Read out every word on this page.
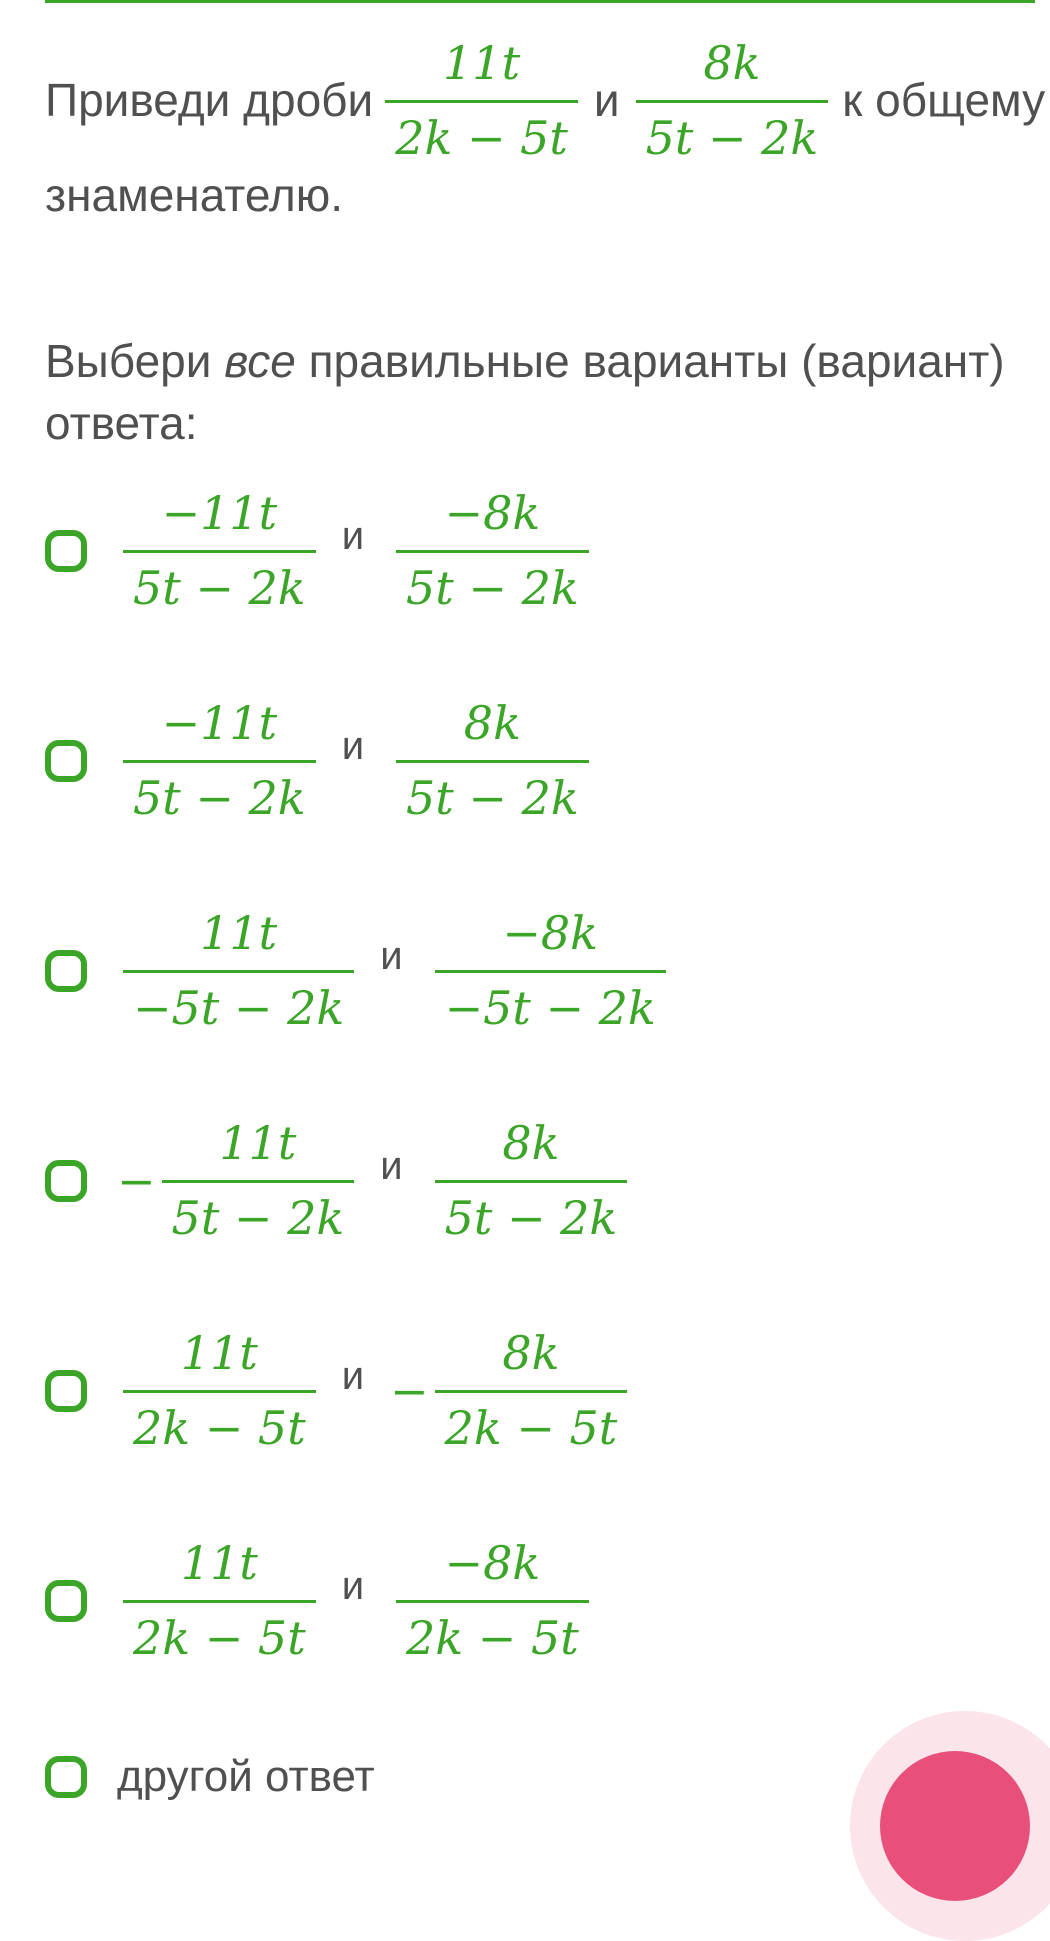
Приведи дроби $\frac{11t}{2k - 5t}$ и $\frac{8k}{5t - 2k}$ к общему
знаменателю.
Выбери все правильные варианты (вариант)
ответа:
$\frac{-11t}{5t - 2k}$ и $\frac{-8k}{5t - 2k}$
$\frac{-11t}{5t - 2k}$ и $\frac{8k}{5t - 2k}$
$\frac{11t}{-5t - 2k}$ и $\frac{-8k}{-5t - 2k}$
− $\frac{11t}{5t - 2k}$ и $\frac{8k}{5t - 2k}$
$\frac{11t}{2k - 5t}$ $и - \frac{8k}{2k - 5t}$
$\frac{11t}{2k - 5t}$ и $\frac{-8k}{2k - 5t}$
другой ответ
